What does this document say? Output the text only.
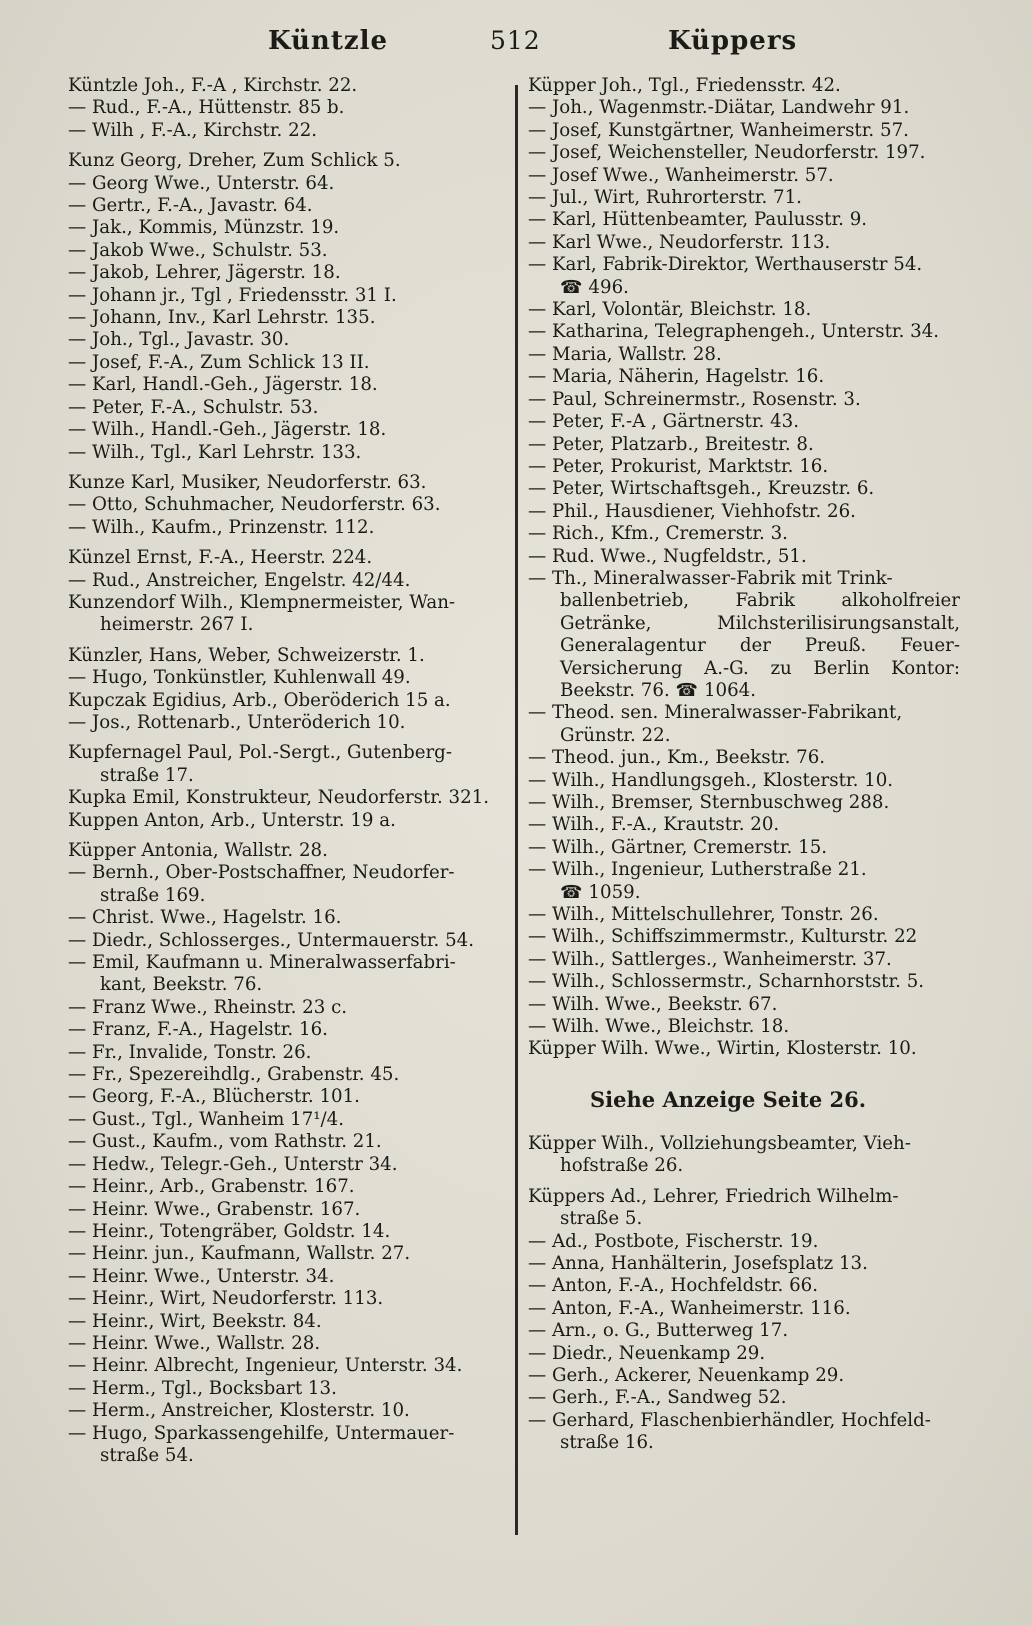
Küntzle	512	Küppers
Küntzle Joh., F.-A , Kirchstr. 22.
— Rud., F.-A., Hüttenstr. 85 b.
— Wilh , F.-A., Kirchstr. 22.
Kunz Georg, Dreher, Zum Schlick 5.
— Georg Wwe., Unterstr. 64.
— Gertr., F.-A., Javastr. 64.
— Jak., Kommis, Münzstr. 19.
— Jakob Wwe., Schulstr. 53.
— Jakob, Lehrer, Jägerstr. 18.
— Johann jr., Tgl , Friedensstr. 31 I.
— Johann, Inv., Karl Lehrstr. 135.
— Joh., Tgl., Javastr. 30.
— Josef, F.-A., Zum Schlick 13 II.
— Karl, Handl.-Geh., Jägerstr. 18.
— Peter, F.-A., Schulstr. 53.
— Wilh., Handl.-Geh., Jägerstr. 18.
— Wilh., Tgl., Karl Lehrstr. 133.
Kunze Karl, Musiker, Neudorferstr. 63.
— Otto, Schuhmacher, Neudorferstr. 63.
— Wilh., Kaufm., Prinzenstr. 112.
Künzel Ernst, F.-A., Heerstr. 224.
— Rud., Anstreicher, Engelstr. 42/44.
Kunzendorf Wilh., Klempnermeister, Wan-
heimerstr. 267 I.
Künzler, Hans, Weber, Schweizerstr. 1.
— Hugo, Tonkünstler, Kuhlenwall 49.
Kupczak Egidius, Arb., Oberöderich 15 a.
— Jos., Rottenarb., Unteröderich 10.
Kupfernagel Paul, Pol.-Sergt., Gutenberg-
straße 17.
Kupka Emil, Konstrukteur, Neudorferstr. 321.
Kuppen Anton, Arb., Unterstr. 19 a.
Küpper Antonia, Wallstr. 28.
— Bernh., Ober-Postschaffner, Neudorfer-
straße 169.
— Christ. Wwe., Hagelstr. 16.
— Diedr., Schlosserges., Untermauerstr. 54.
— Emil, Kaufmann u. Mineralwasserfabri-
kant, Beekstr. 76.
— Franz Wwe., Rheinstr. 23 c.
— Franz, F.-A., Hagelstr. 16.
— Fr., Invalide, Tonstr. 26.
— Fr., Spezereihdlg., Grabenstr. 45.
— Georg, F.-A., Blücherstr. 101.
— Gust., Tgl., Wanheim 17¹/4.
— Gust., Kaufm., vom Rathstr. 21.
— Hedw., Telegr.-Geh., Unterstr 34.
— Heinr., Arb., Grabenstr. 167.
— Heinr. Wwe., Grabenstr. 167.
— Heinr., Totengräber, Goldstr. 14.
— Heinr. jun., Kaufmann, Wallstr. 27.
— Heinr. Wwe., Unterstr. 34.
— Heinr., Wirt, Neudorferstr. 113.
— Heinr., Wirt, Beekstr. 84.
— Heinr. Wwe., Wallstr. 28.
— Heinr. Albrecht, Ingenieur, Unterstr. 34.
— Herm., Tgl., Bocksbart 13.
— Herm., Anstreicher, Klosterstr. 10.
— Hugo, Sparkassengehilfe, Untermauer-
straße 54.
Küpper Joh., Tgl., Friedensstr. 42.
— Joh., Wagenmstr.-Diätar, Landwehr 91.
— Josef, Kunstgärtner, Wanheimerstr. 57.
— Josef, Weichensteller, Neudorferstr. 197.
— Josef Wwe., Wanheimerstr. 57.
— Jul., Wirt, Ruhrorterstr. 71.
— Karl, Hüttenbeamter, Paulusstr. 9.
— Karl Wwe., Neudorferstr. 113.
— Karl, Fabrik-Direktor, Werthauserstr 54.
☎ 496.
— Karl, Volontär, Bleichstr. 18.
— Katharina, Telegraphengeh., Unterstr. 34.
— Maria, Wallstr. 28.
— Maria, Näherin, Hagelstr. 16.
— Paul, Schreinermstr., Rosenstr. 3.
— Peter, F.-A , Gärtnerstr. 43.
— Peter, Platzarb., Breitestr. 8.
— Peter, Prokurist, Marktstr. 16.
— Peter, Wirtschaftsgeh., Kreuzstr. 6.
— Phil., Hausdiener, Viehhofstr. 26.
— Rich., Kfm., Cremerstr. 3.
— Rud. Wwe., Nugfeldstr., 51.
— Th., Mineralwasser-Fabrik mit Trink-
ballenbetrieb, Fabrik alkoholfreier Getränke, Milchsterilisirungsanstalt, Generalagentur der Preuß. Feuer-Versicherung A.-G. zu Berlin Kontor: Beekstr. 76. ☎ 1064.
— Theod. sen. Mineralwasser-Fabrikant,
Grünstr. 22.
— Theod. jun., Km., Beekstr. 76.
— Wilh., Handlungsgeh., Klosterstr. 10.
— Wilh., Bremser, Sternbuschweg 288.
— Wilh., F.-A., Krautstr. 20.
— Wilh., Gärtner, Cremerstr. 15.
— Wilh., Ingenieur, Lutherstraße 21.
☎ 1059.
— Wilh., Mittelschullehrer, Tonstr. 26.
— Wilh., Schiffszimmermstr., Kulturstr. 22
— Wilh., Sattlerges., Wanheimerstr. 37.
— Wilh., Schlossermstr., Scharnhorststr. 5.
— Wilh. Wwe., Beekstr. 67.
— Wilh. Wwe., Bleichstr. 18.
Küpper Wilh. Wwe., Wirtin, Klosterstr. 10.
Siehe Anzeige Seite 26.
Küpper Wilh., Vollziehungsbeamter, Vieh-
hofstraße 26.
Küppers Ad., Lehrer, Friedrich Wilhelm-
straße 5.
— Ad., Postbote, Fischerstr. 19.
— Anna, Hanhälterin, Josefsplatz 13.
— Anton, F.-A., Hochfeldstr. 66.
— Anton, F.-A., Wanheimerstr. 116.
— Arn., o. G., Butterweg 17.
— Diedr., Neuenkamp 29.
— Gerh., Ackerer, Neuenkamp 29.
— Gerh., F.-A., Sandweg 52.
— Gerhard, Flaschenbierhändler, Hochfeld-
straße 16.
